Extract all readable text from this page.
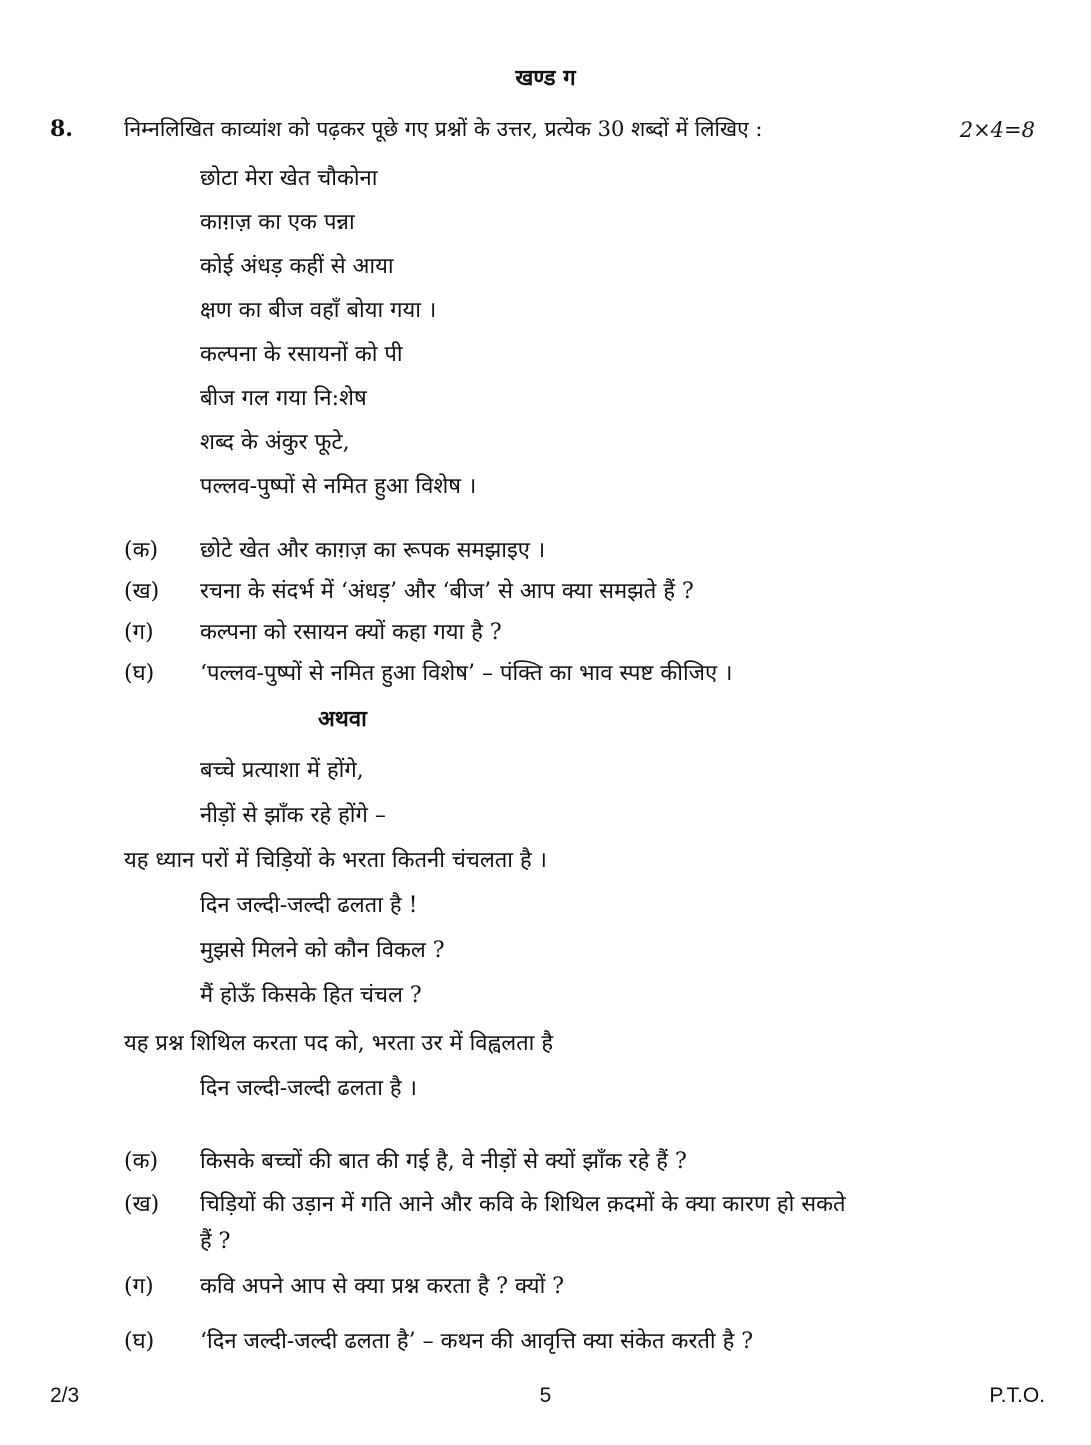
खण्ड ग
8. निम्नलिखित काव्यांश को पढ़कर पूछे गए प्रश्नों के उत्तर, प्रत्येक 30 शब्दों में लिखिए :	2×4=8
छोटा मेरा खेत चौकोना
काग़ज़ का एक पन्ना
कोई अंधड़ कहीं से आया
क्षण का बीज वहाँ बोया गया ।
कल्पना के रसायनों को पी
बीज गल गया नि:शेष
शब्द के अंकुर फूटे,
पल्लव-पुष्पों से नमित हुआ विशेष ।
(क) छोटे खेत और काग़ज़ का रूपक समझाइए ।
(ख) रचना के संदर्भ में ‘अंधड़’ और ‘बीज’ से आप क्या समझते हैं ?
(ग) कल्पना को रसायन क्यों कहा गया है ?
(घ) ‘पल्लव-पुष्पों से नमित हुआ विशेष’ – पंक्ति का भाव स्पष्ट कीजिए ।
अथवा
बच्चे प्रत्याशा में होंगे,
नीड़ों से झाँक रहे होंगे –
यह ध्यान परों में चिड़ियों के भरता कितनी चंचलता है ।
दिन जल्दी-जल्दी ढलता है !
मुझसे मिलने को कौन विकल ?
मैं होऊँ किसके हित चंचल ?
यह प्रश्न शिथिल करता पद को, भरता उर में विह्वलता है
दिन जल्दी-जल्दी ढलता है ।
(क) किसके बच्चों की बात की गई है, वे नीड़ों से क्यों झाँक रहे हैं ?
(ख) चिड़ियों की उड़ान में गति आने और कवि के शिथिल क़दमों के क्या कारण हो सकते
हैं ?
(ग) कवि अपने आप से क्या प्रश्न करता है ? क्यों ?
(घ) ‘दिन जल्दी-जल्दी ढलता है’ – कथन की आवृत्ति क्या संकेत करती है ?
2/3	5	P.T.O.
